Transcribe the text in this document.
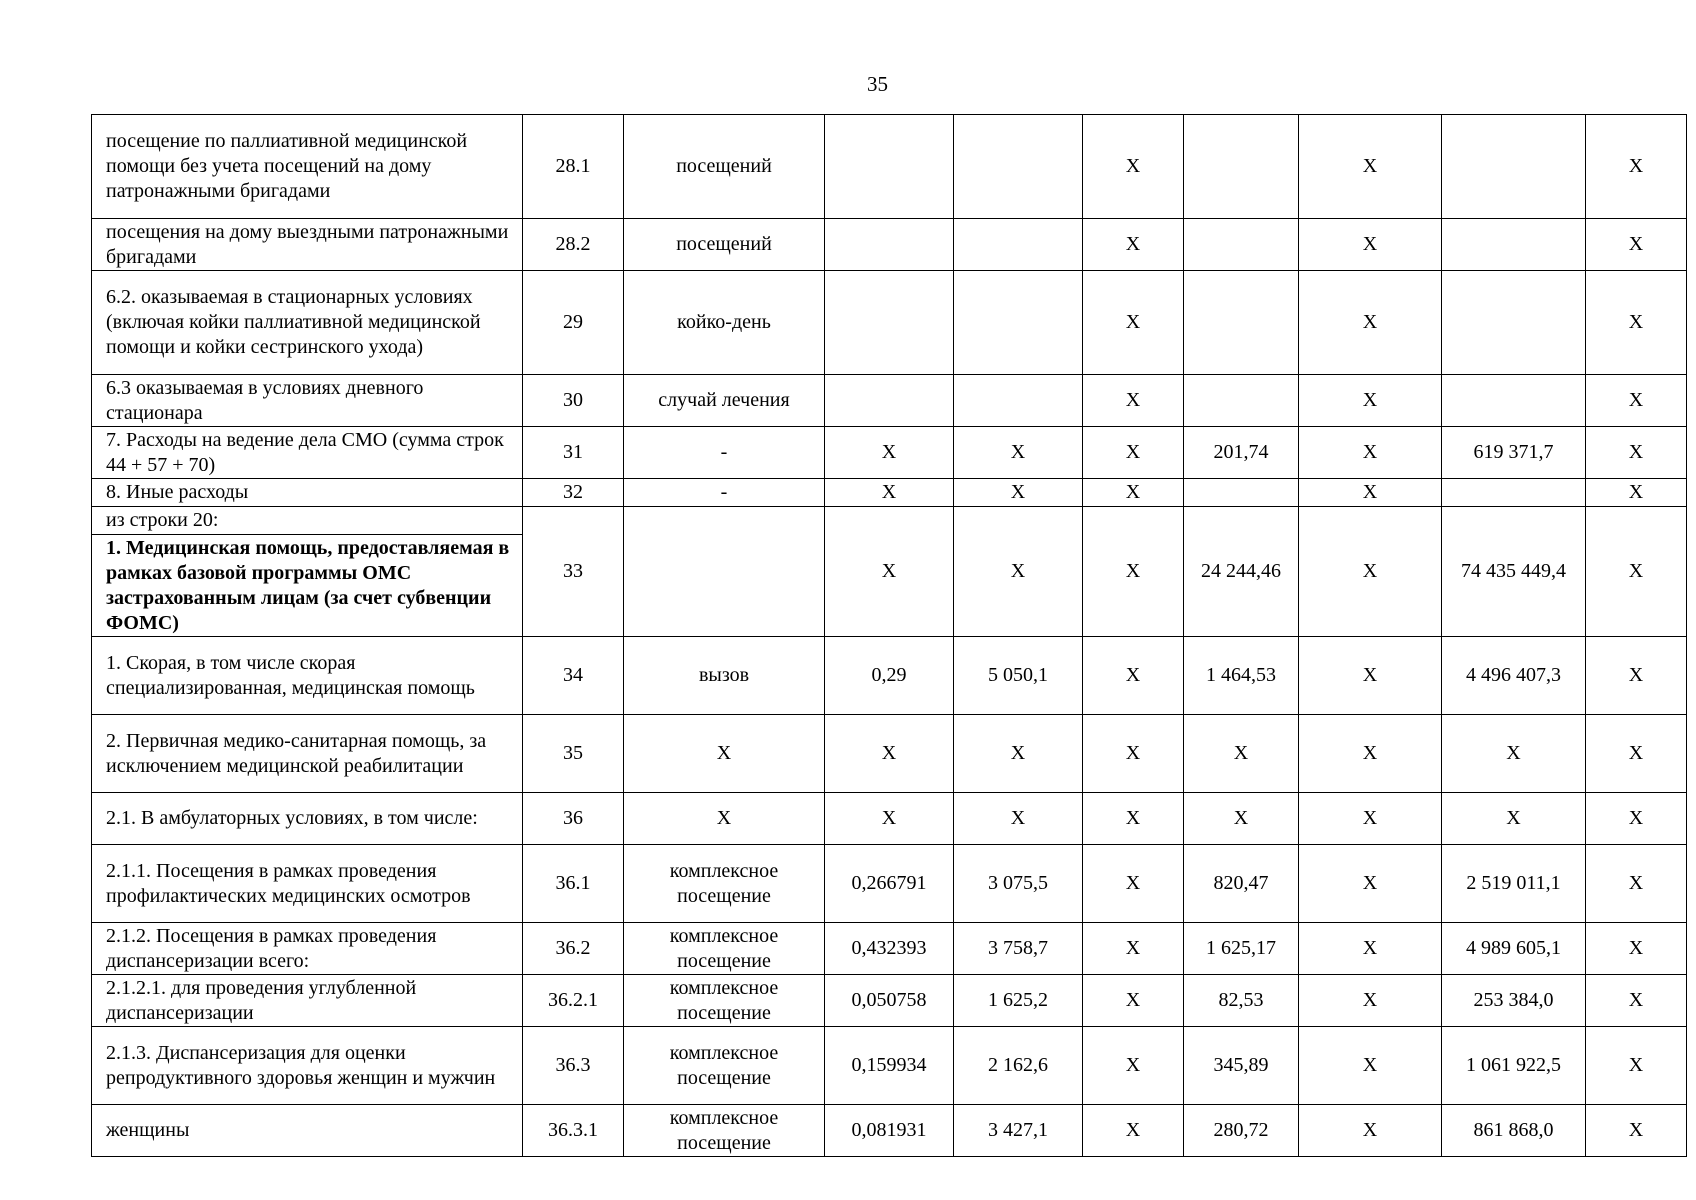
35
посещение по паллиативной медицинской помощи без учета посещений на дому патронажными бригадами	28.1	посещений			X		X		X
посещения на дому выездными патронажными бригадами	28.2	посещений			X		X		X
6.2. оказываемая в стационарных условиях (включая койки паллиативной медицинской помощи и койки сестринского ухода)	29	койко-день			X		X		X
6.3 оказываемая в условиях дневного стационара	30	случай лечения			X		X		X
7. Расходы на ведение дела СМО (сумма строк 44 + 57 + 70)	31	-	X	X	X	201,74	X	619 371,7	X
8. Иные расходы	32	-	X	X	X		X		X
из строки 20:	33		X	X	X	24 244,46	X	74 435 449,4	X
1. Медицинская помощь, предоставляемая в рамках базовой программы ОМС застрахованным лицам (за счет субвенции ФОМС)									
1. Скорая, в том числе скорая специализированная, медицинская помощь	34	вызов	0,29	5 050,1	X	1 464,53	X	4 496 407,3	X
2. Первичная медико-санитарная помощь, за исключением медицинской реабилитации	35	X	X	X	X	X	X	X	X
2.1. В амбулаторных условиях, в том числе:	36	X	X	X	X	X	X	X	X
2.1.1. Посещения в рамках проведения профилактических медицинских осмотров	36.1	комплексное посещение	0,266791	3 075,5	X	820,47	X	2 519 011,1	X
2.1.2. Посещения в рамках проведения диспансеризации всего:	36.2	комплексное посещение	0,432393	3 758,7	X	1 625,17	X	4 989 605,1	X
2.1.2.1. для проведения углубленной диспансеризации	36.2.1	комплексное посещение	0,050758	1 625,2	X	82,53	X	253 384,0	X
2.1.3. Диспансеризация для оценки репродуктивного здоровья женщин и мужчин	36.3	комплексное посещение	0,159934	2 162,6	X	345,89	X	1 061 922,5	X
женщины	36.3.1	комплексное посещение	0,081931	3 427,1	X	280,72	X	861 868,0	X
